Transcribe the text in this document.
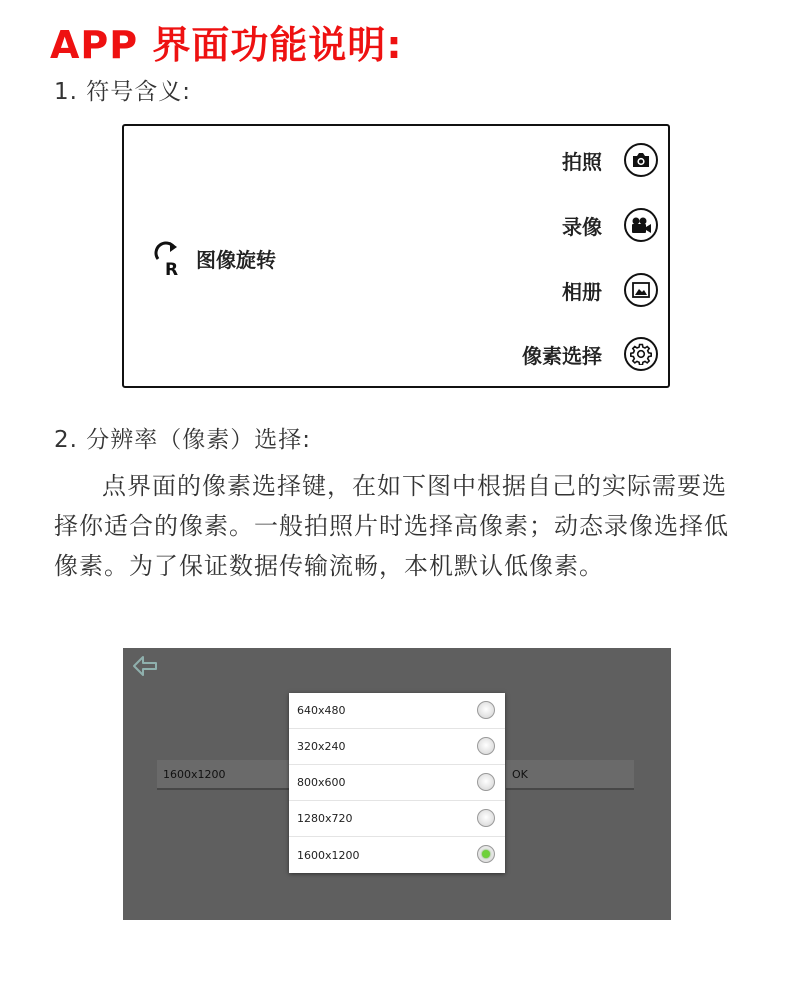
APP 界面功能说明:
1. 符号含义:
R 图像旋转
拍照
录像
相册
像素选择
2. 分辨率（像素）选择:
点界面的像素选择键，在如下图中根据自己的实际需要选择你适合的像素。一般拍照片时选择高像素；动态录像选择低像素。为了保证数据传输流畅，本机默认低像素。
1600x1200	OK
640x480
320x240
800x600
1280x720
1600x1200
